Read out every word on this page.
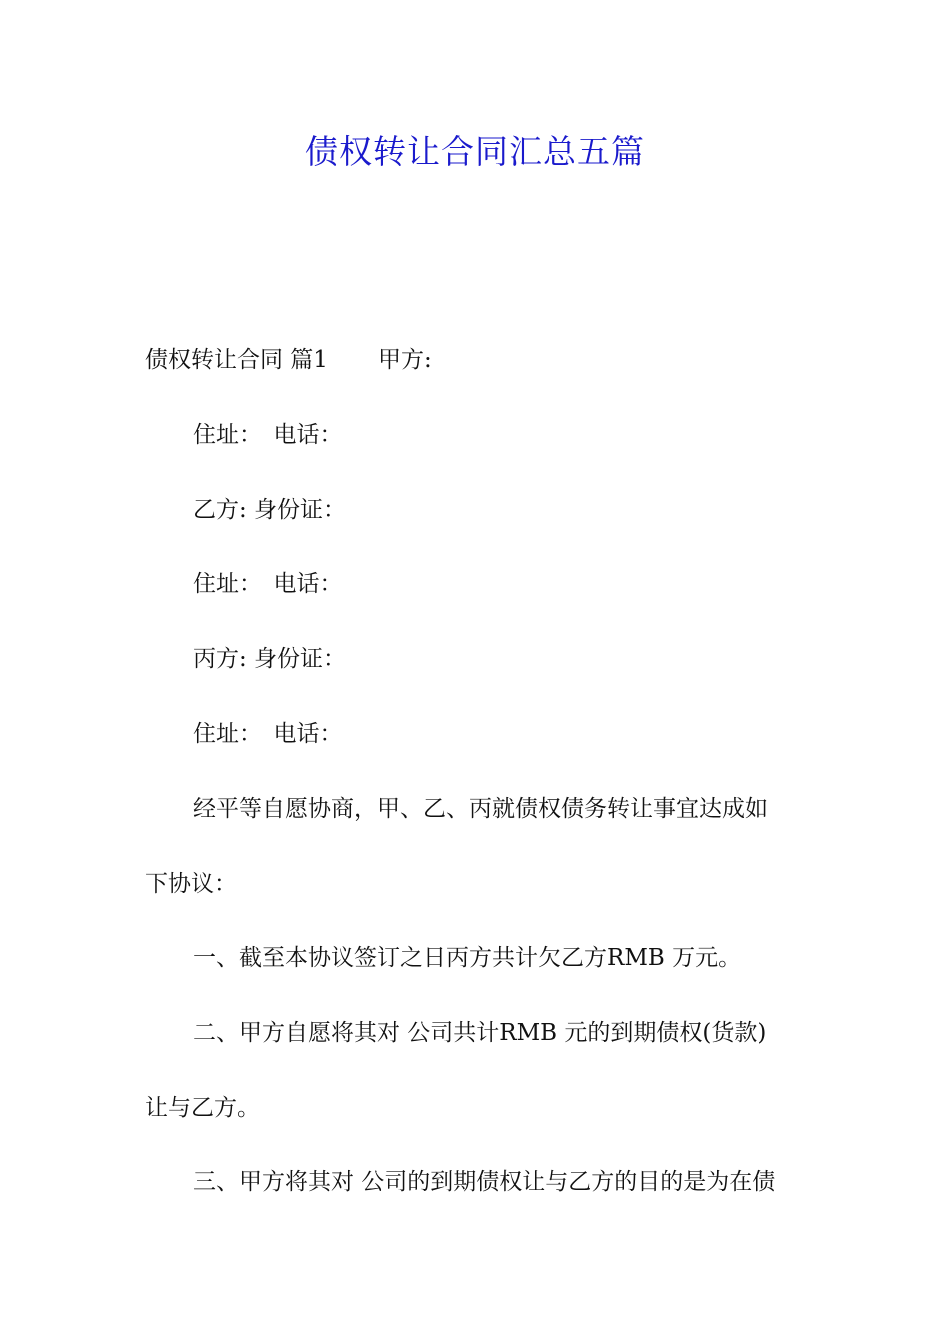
债权转让合同汇总五篇

债权转让合同 篇1 甲方:

住址：　电话：

乙方: 身份证：

住址：　电话：

丙方: 身份证：

住址：　电话：

经平等自愿协商，甲、乙、丙就债权债务转让事宜达成如

下协议：

一、截至本协议签订之日丙方共计欠乙方RMB 万元。

二、甲方自愿将其对 公司共计RMB 元的到期债权(货款)

让与乙方。

三、甲方将其对 公司的到期债权让与乙方的目的是为在债
